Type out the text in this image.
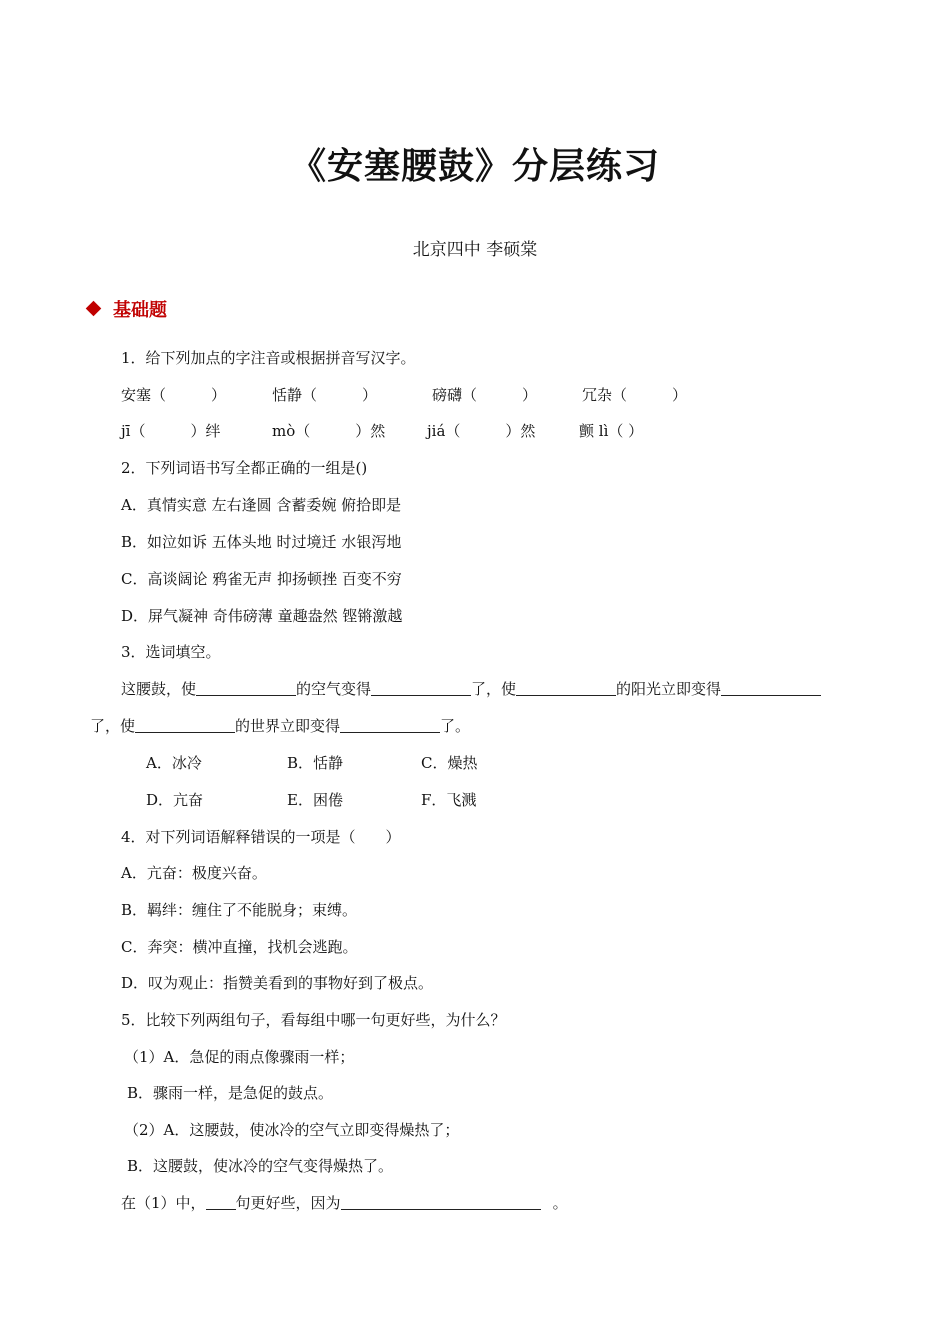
《安塞腰鼓》分层练习
北京四中 李硕棠
基础题
1．给下列加点的字注音或根据拼音写汉字。
安塞（　　　）	恬静（　　　）	磅礴（　　　）	冗杂（　　　）
jī（　　　）绊	mò（　　　）然	jiá（　　　）然	颤 lì（ ）
2．下列词语书写全都正确的一组是()
A．真情实意 左右逢圆 含蓄委婉 俯拾即是
B．如泣如诉 五体头地 时过境迁 水银泻地
C．高谈阔论 鸦雀无声 抑扬顿挫 百变不穷
D．屏气凝神 奇伟磅薄 童趣盎然 铿锵激越
3．选词填空。
这腰鼓，使	的空气变得	了，使	的阳光立即变得
了，使	的世界立即变得	了。
A．冰冷	B．恬静	C．燥热
D．亢奋	E．困倦	F．飞溅
4．对下列词语解释错误的一项是（　　）
A．亢奋：极度兴奋。
B．羁绊：缠住了不能脱身；束缚。
C．奔突：横冲直撞，找机会逃跑。
D．叹为观止：指赞美看到的事物好到了极点。
5．比较下列两组句子，看每组中哪一句更好些，为什么？
（1）A．急促的雨点像骤雨一样；
B．骤雨一样，是急促的鼓点。
（2）A．这腰鼓，使冰冷的空气立即变得燥热了；
B．这腰鼓，使冰冷的空气变得燥热了。
在（1）中， 句更好些，因为	。
